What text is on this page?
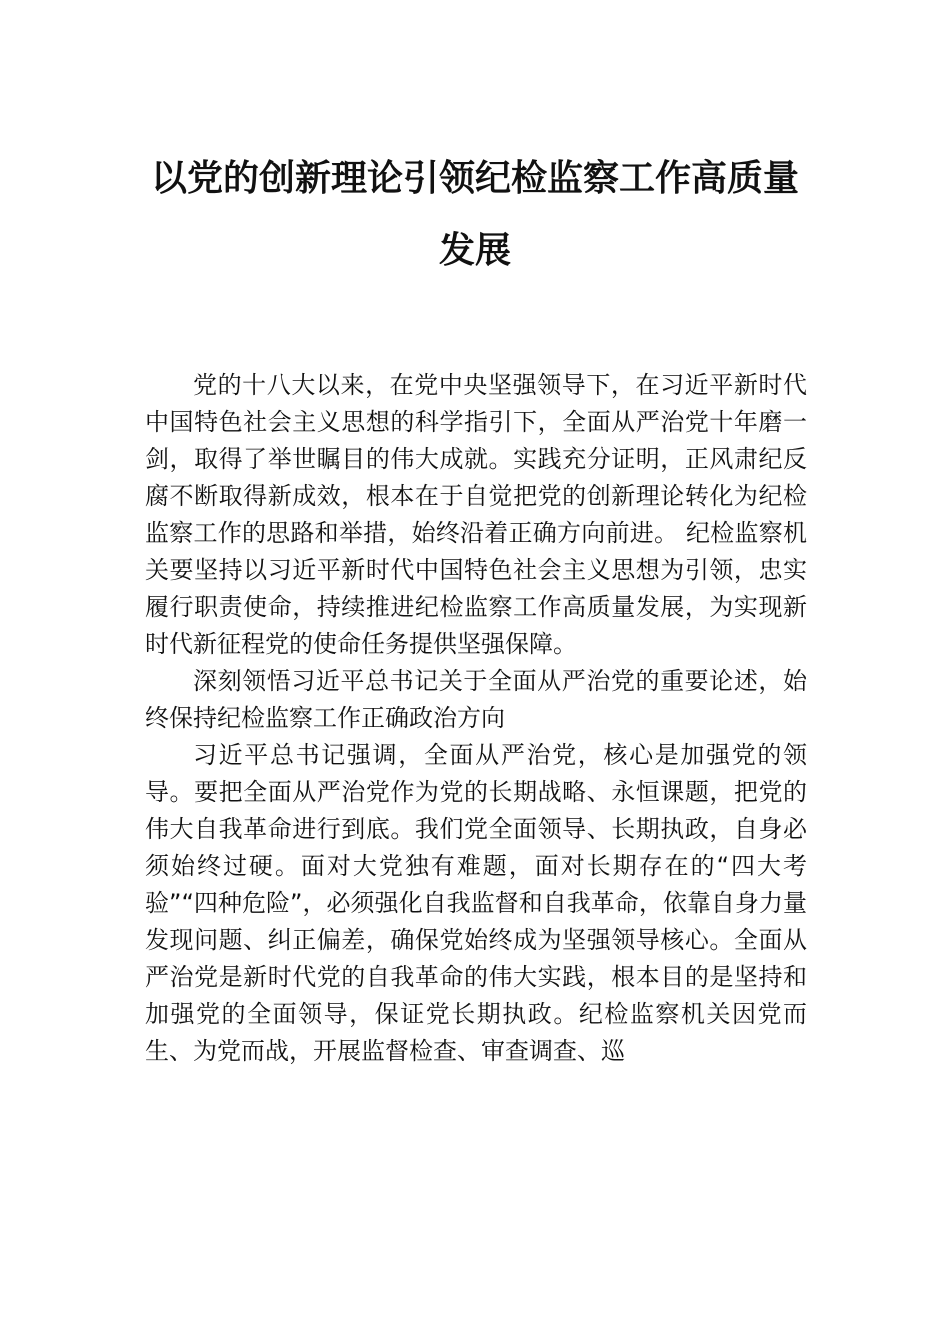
以党的创新理论引领纪检监察工作高质量
发展

党的十八大以来，在党中央坚强领导下，在习近平新时代中国特色社会主义思想的科学指引下，全面从严治党十年磨一剑，取得了举世瞩目的伟大成就。实践充分证明，正风肃纪反腐不断取得新成效，根本在于自觉把党的创新理论转化为纪检监察工作的思路和举措，始终沿着正确方向前进。 纪检监察机关要坚持以习近平新时代中国特色社会主义思想为引领，忠实履行职责使命，持续推进纪检监察工作高质量发展，为实现新时代新征程党的使命任务提供坚强保障。

深刻领悟习近平总书记关于全面从严治党的重要论述，始终保持纪检监察工作正确政治方向

习近平总书记强调，全面从严治党，核心是加强党的领导。要把全面从严治党作为党的长期战略、永恒课题，把党的伟大自我革命进行到底。我们党全面领导、长期执政，自身必须始终过硬。面对大党独有难题，面对长期存在的“四大考验”“四种危险”，必须强化自我监督和自我革命，依靠自身力量发现问题、纠正偏差，确保党始终成为坚强领导核心。全面从严治党是新时代党的自我革命的伟大实践，根本目的是坚持和加强党的全面领导，保证党长期执政。纪检监察机关因党而生、为党而战，开展监督检查、审查调查、巡
